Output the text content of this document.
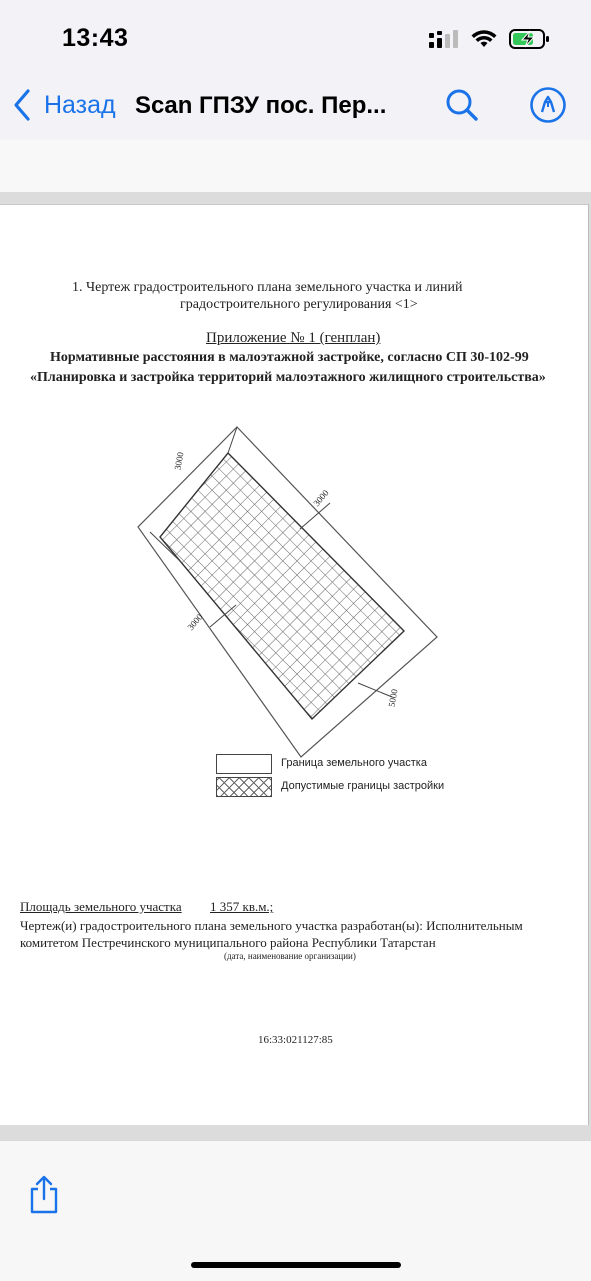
13:43
Назад Scan ГПЗУ пос. Пер...
1. Чертеж градостроительного плана земельного участка и линий
градостроительного регулирования <1>
Приложение № 1 (генплан)
Нормативные расстояния в малоэтажной застройке, согласно СП 30-102-99
«Планировка и застройка территорий малоэтажного жилищного строительства»
3000
3000
3000
5000
Граница земельного участка
Допустимые границы застройки
Площадь земельного участка 1 357 кв.м.;
Чертеж(и) градостроительного плана земельного участка разработан(ы): Исполнительным
комитетом Пестречинского муниципального района Республики Татарстан
(дата, наименование организации)
16:33:021127:85
